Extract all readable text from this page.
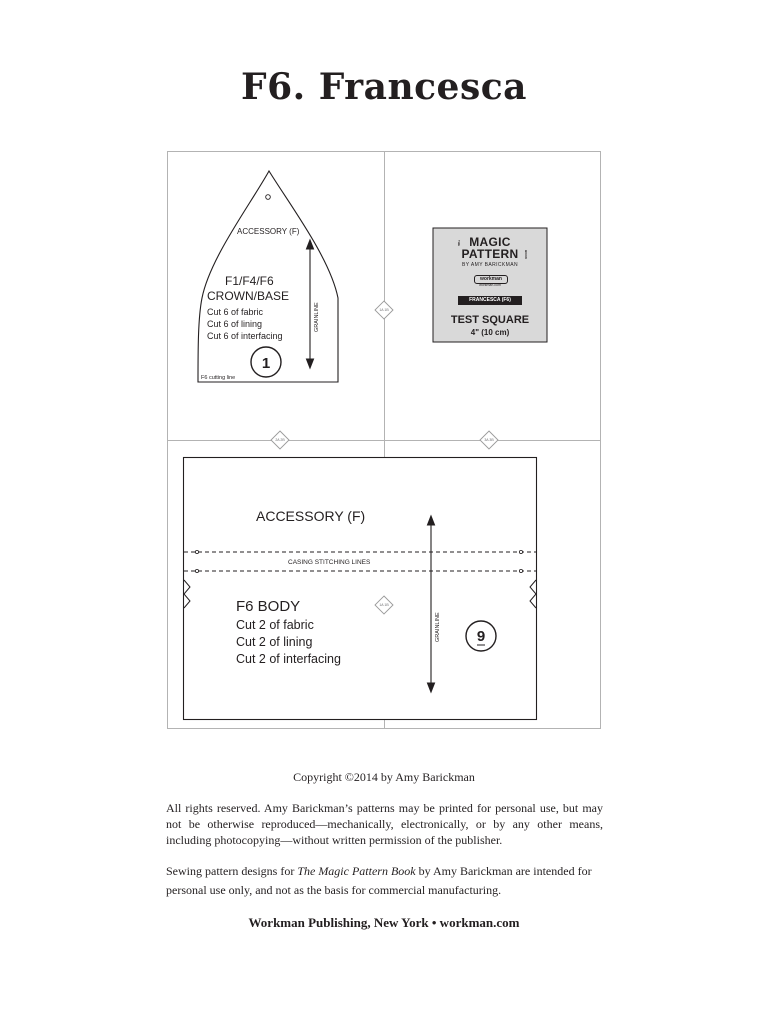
F6. Francesca
GRAINLINE
ACCESSORY (F)
F1/F4/F6
CROWN/BASE
Cut 6 of fabric
Cut 6 of lining
Cut 6 of interfacing
1
F6 cutting line
1A 1B
2A 2B	3A 3B
1A 1B
GRAINLINE
ACCESSORY (F)
CASING STITCHING LINES
F6 BODY
Cut 2 of fabric
Cut 2 of lining
Cut 2 of interfacing
9
THE MAGIC
PATTERN	BOOK
BY AMY BARICKMAN
workman
workman.com
FRANCESCA (F6)
TEST SQUARE
4" (10 cm)
Copyright ©2014 by Amy Barickman
All rights reserved. Amy Barickman’s patterns may be printed for personal use, but may not be otherwise reproduced—mechanically, electronically, or by any other means, including photocopying—without written permission of the publisher.
Sewing pattern designs for The Magic Pattern Book by Amy Barickman are intended for personal use only, and not as the basis for commercial manufacturing.
Workman Publishing, New York • workman.com
